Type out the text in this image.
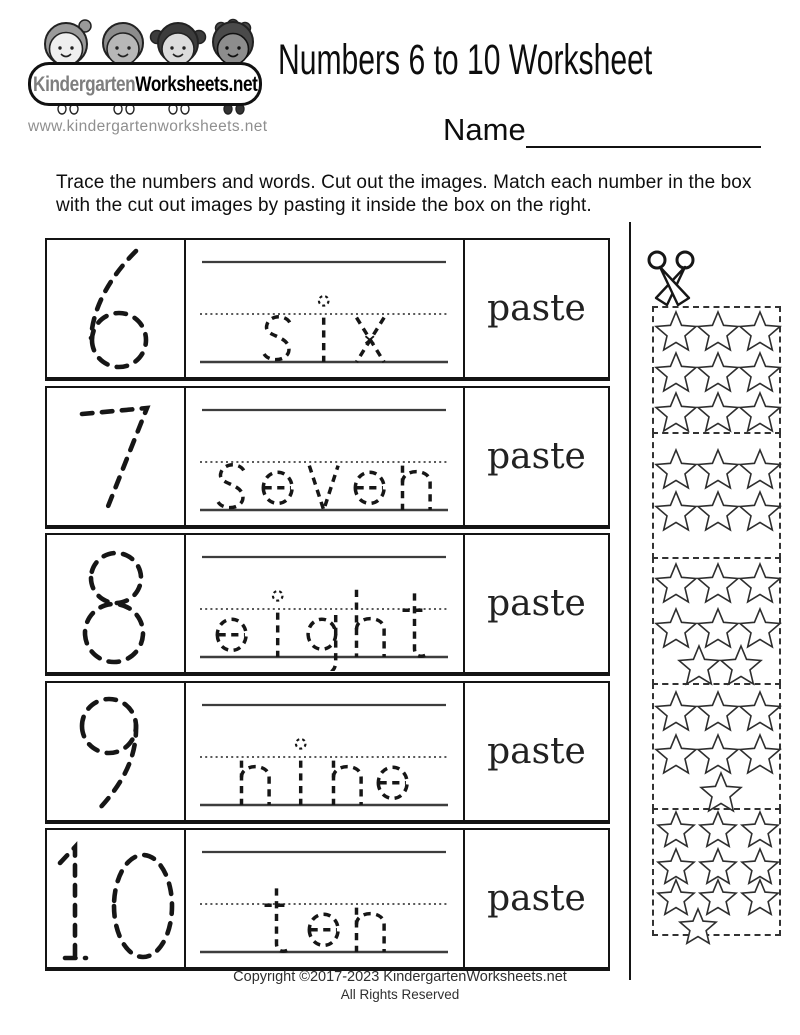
KindergartenWorksheets.net
www.kindergartenworksheets.net
Numbers 6 to 10 Worksheet
Name
Trace the numbers and words. Cut out the images. Match each number in the box with the cut out images by pasting it inside the box on the right.
paste
paste
paste
paste
paste
Copyright ©2017-2023 KindergartenWorksheets.net
All Rights Reserved
